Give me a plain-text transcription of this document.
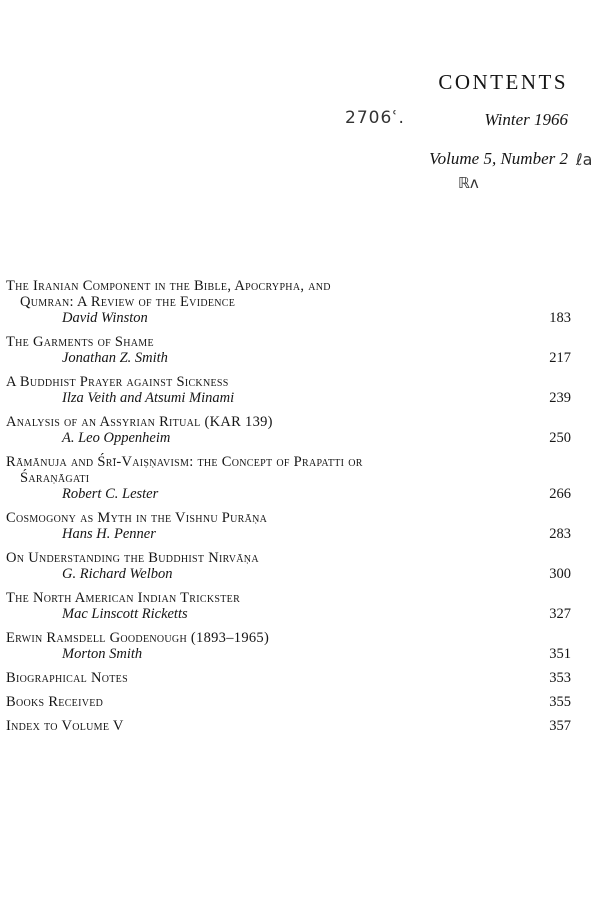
CONTENTS
Winter 1966
Volume 5, Number 2
2706ʿ.
ℓa
ℝʌ
The Iranian Component in the Bible, Apocrypha, and
Qumran: A Review of the Evidence
David Winston	183
The Garments of Shame
Jonathan Z. Smith	217
A Buddhist Prayer against Sickness
Ilza Veith and Atsumi Minami	239
Analysis of an Assyrian Ritual (KAR 139)
A. Leo Oppenheim	250
Rāmānuja and Śrī-Vaiṣṇavism: the Concept of Prapatti or
Śaraṇāgati
Robert C. Lester	266
Cosmogony as Myth in the Vishnu Purāṇa
Hans H. Penner	283
On Understanding the Buddhist Nirvāṇa
G. Richard Welbon	300
The North American Indian Trickster
Mac Linscott Ricketts	327
Erwin Ramsdell Goodenough (1893–1965)
Morton Smith	351
Biographical Notes	353
Books Received	355
Index to Volume V	357
